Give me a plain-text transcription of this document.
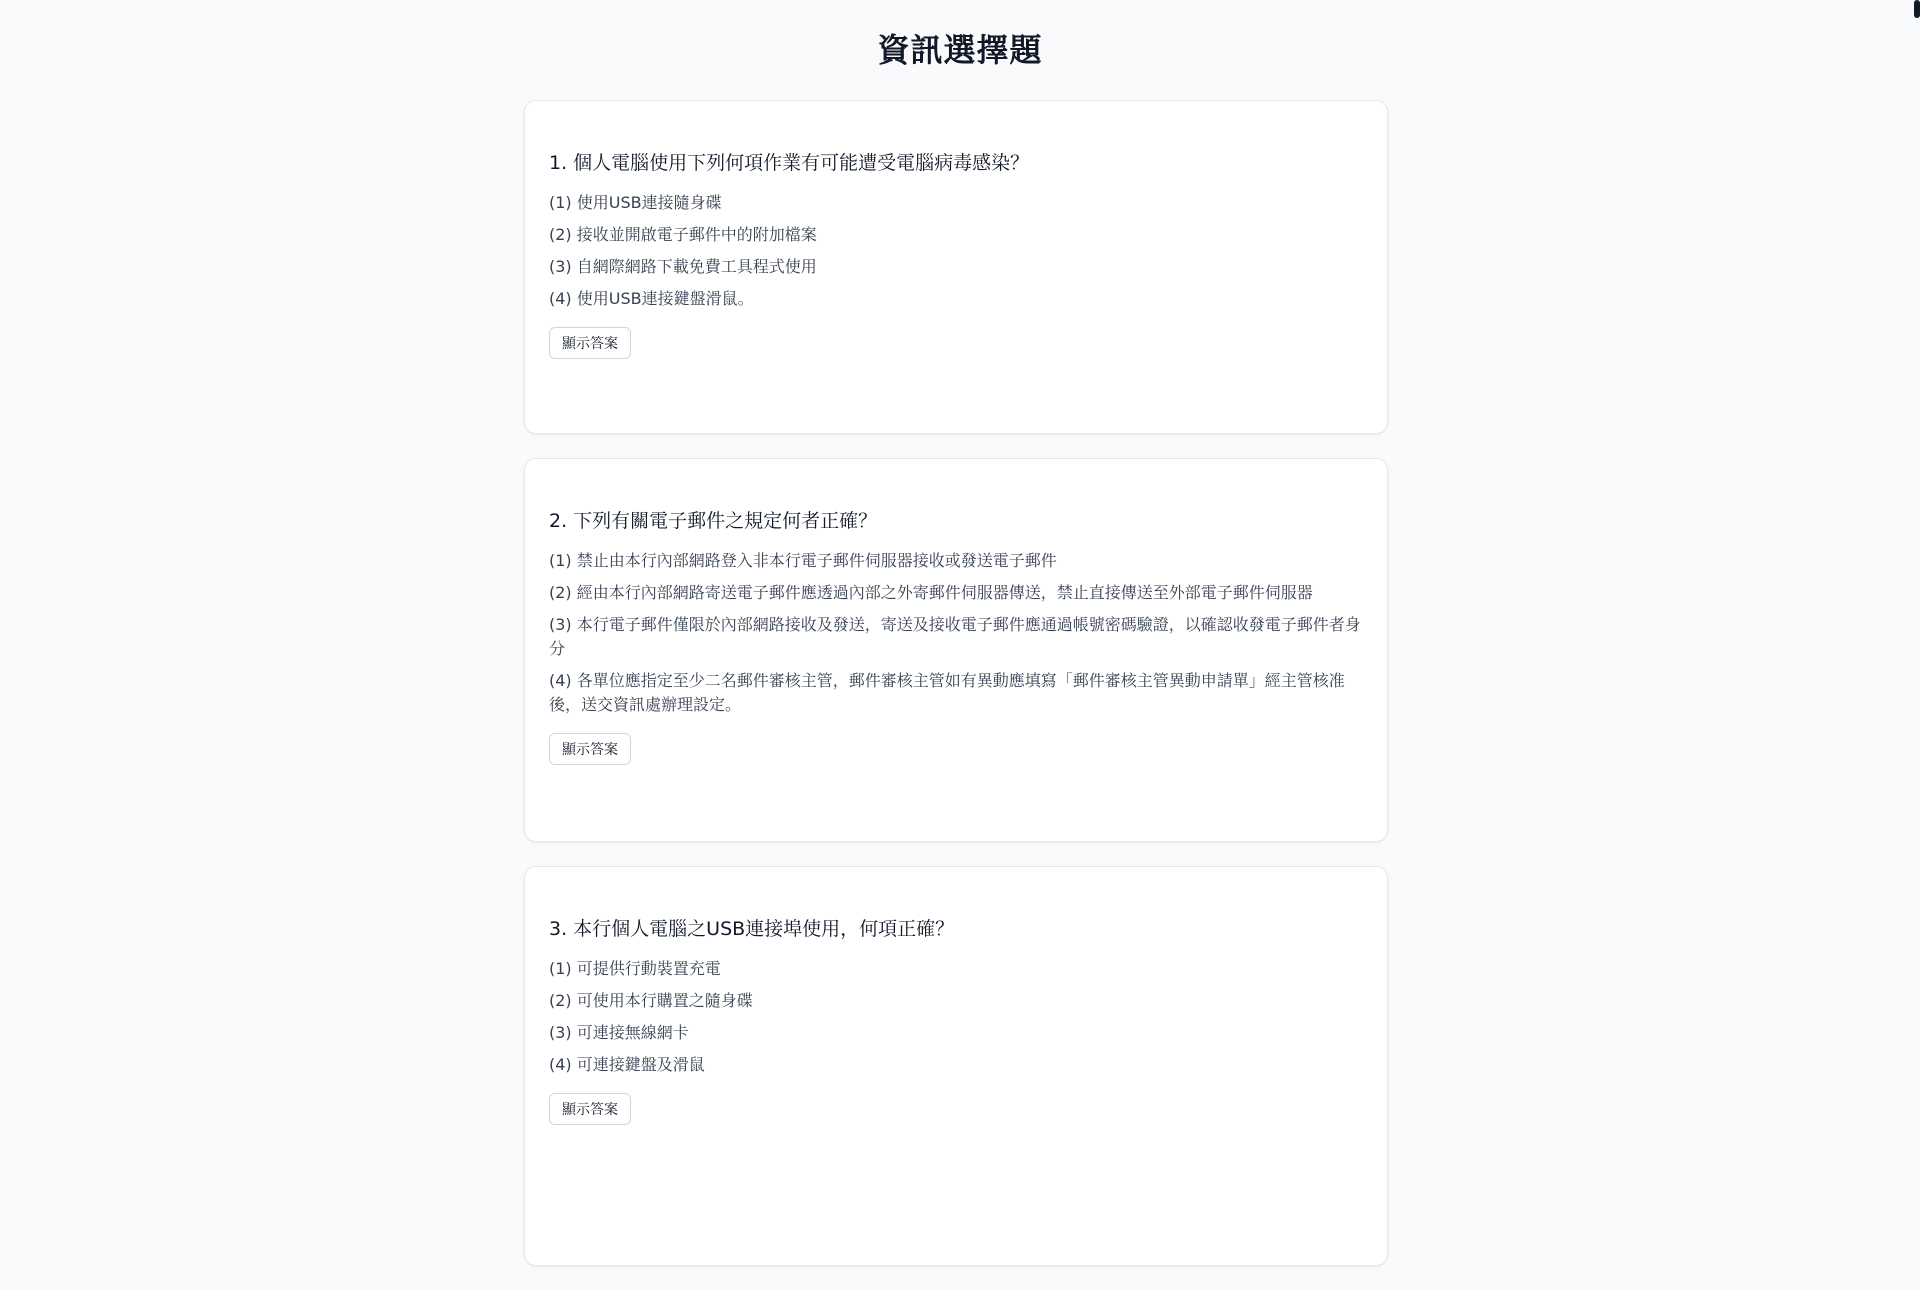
資訊選擇題
1. 個人電腦使用下列何項作業有可能遭受電腦病毒感染？
(1) 使用USB連接隨身碟
(2) 接收並開啟電子郵件中的附加檔案
(3) 自網際網路下載免費工具程式使用
(4) 使用USB連接鍵盤滑鼠。
顯示答案
2. 下列有關電子郵件之規定何者正確？
(1) 禁止由本行內部網路登入非本行電子郵件伺服器接收或發送電子郵件
(2) 經由本行內部網路寄送電子郵件應透過內部之外寄郵件伺服器傳送，禁止直接傳送至外部電子郵件伺服器
(3) 本行電子郵件僅限於內部網路接收及發送，寄送及接收電子郵件應通過帳號密碼驗證，以確認收發電子郵件者身分
(4) 各單位應指定至少二名郵件審核主管，郵件審核主管如有異動應填寫「郵件審核主管異動申請單」經主管核准後，送交資訊處辦理設定。
顯示答案
3. 本行個人電腦之USB連接埠使用，何項正確？
(1) 可提供行動裝置充電
(2) 可使用本行購置之隨身碟
(3) 可連接無線網卡
(4) 可連接鍵盤及滑鼠
顯示答案
